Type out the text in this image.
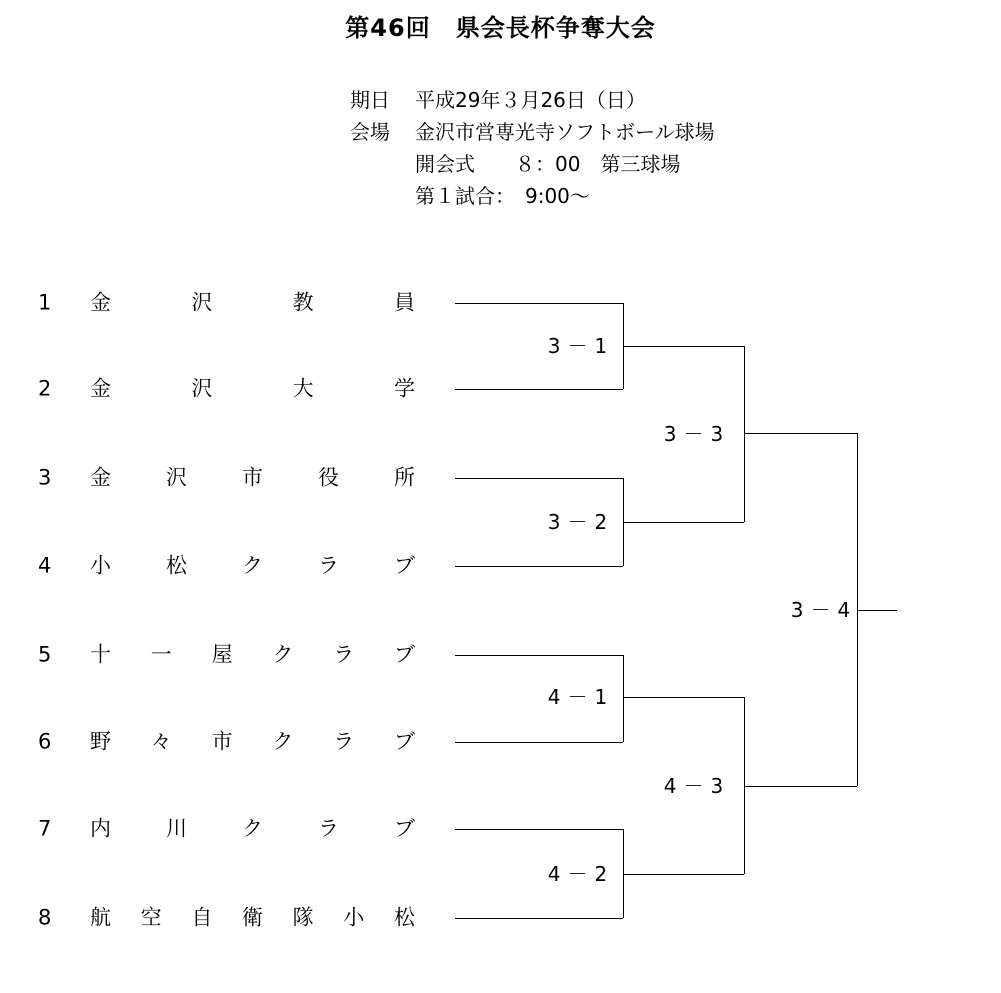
第46回　県会長杯争奪大会
期日 平成29年３月26日（日）
会場 金沢市営専光寺ソフトボール球場
開会式　　８：00　第三球場
第１試合：　9:00～
1 金	沢	教	員
2 金	沢	大	学
3 金	沢	市	役	所
4 小	松	ク	ラ	ブ
5 十 一 屋 ク ラ ブ
6 野 々 市 ク ラ ブ
7 内	川	ク	ラ	ブ
8 航 空 自 衛 隊 小 松
3－1
3－2
3－3
4－1
4－2
4－3
3－4
